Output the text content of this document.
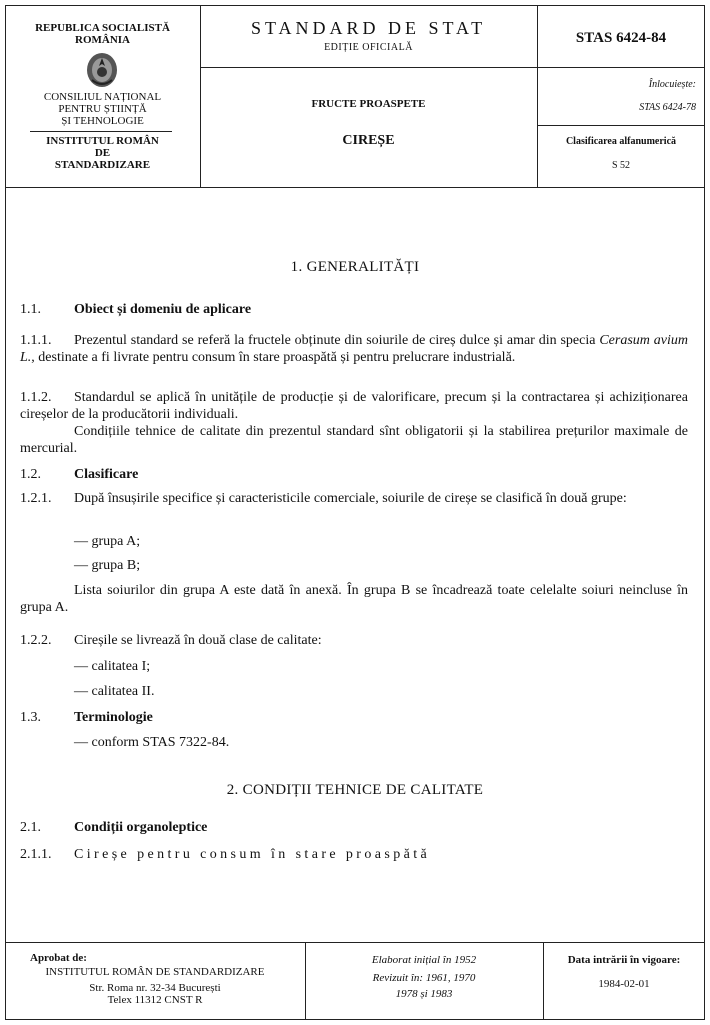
REPUBLICA SOCIALISTĂ
ROMÂNIA
CONSILIUL NAȚIONAL
PENTRU ȘTIINȚĂ
ȘI TEHNOLOGIE
INSTITUTUL ROMÂN
DE
STANDARDIZARE
STANDARD DE STAT
EDIȚIE OFICIALĂ
FRUCTE PROASPETE
CIREȘE
STAS 6424-84
Înlocuiește:
STAS 6424-78
Clasificarea alfanumerică
S 52
1. GENERALITĂȚI
1.1. Obiect și domeniu de aplicare
1.1.1. Prezentul standard se referă la fructele obținute din soiurile de cireș dulce și amar din specia Cerasum avium L., destinate a fi livrate pentru consum în stare proaspătă și pentru prelucrare industrială.
1.1.2. Standardul se aplică în unitățile de producție și de valorificare, precum și la contractarea și achiziționarea cireșelor de la producătorii individuali.
Condițiile tehnice de calitate din prezentul standard sînt obligatorii și la stabilirea prețurilor maximale de mercurial.
1.2. Clasificare
1.2.1. După însușirile specifice și caracteristicile comerciale, soiurile de cireșe se clasifică în două grupe:
— grupa A;
— grupa B;
Lista soiurilor din grupa A este dată în anexă. În grupa B se încadrează toate celelalte soiuri neincluse în grupa A.
1.2.2. Cireșile se livrează în două clase de calitate:
— calitatea I;
— calitatea II.
1.3. Terminologie
— conform STAS 7322-84.
2. CONDIȚII TEHNICE DE CALITATE
2.1. Condiții organoleptice
2.1.1. Cireșe pentru consum în stare proaspătă
Aprobat de:
INSTITUTUL ROMÂN DE STANDARDIZARE
Str. Roma nr. 32-34 București
Telex 11312 CNST R
Elaborat inițial în 1952
Revizuit în: 1961, 1970
1978 și 1983
Data intrării în vigoare:
1984-02-01
